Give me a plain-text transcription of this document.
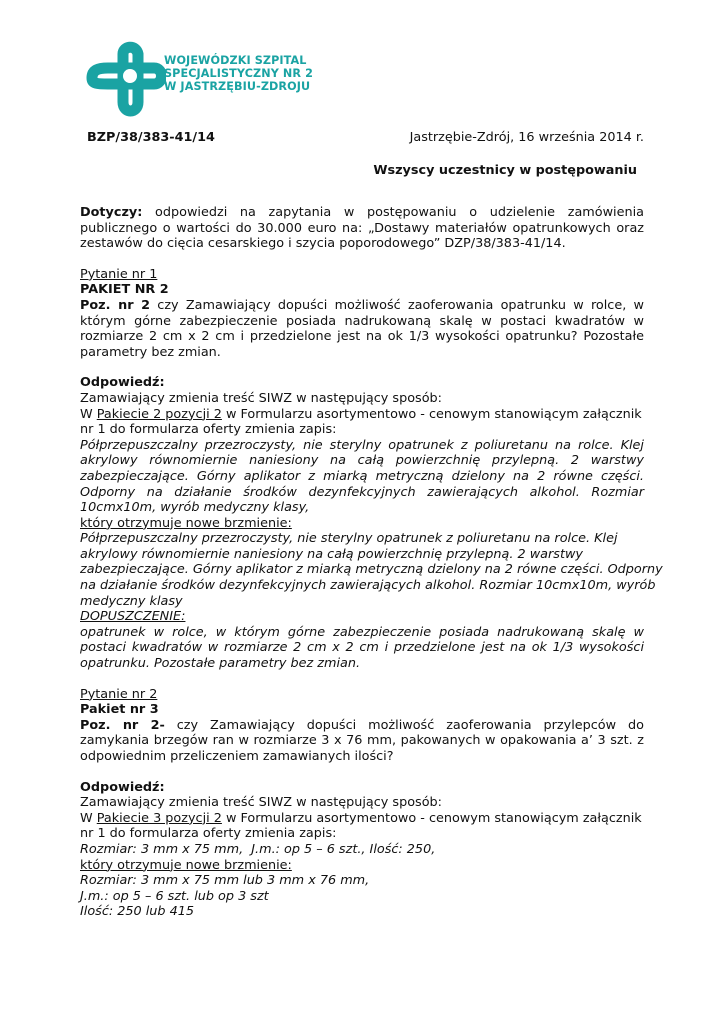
WOJEWÓDZKI SZPITAL
SPECJALISTYCZNY NR 2
W JASTRZĘBIU-ZDROJU
BZP/38/383-41/14	Jastrzębie-Zdrój, 16 września 2014 r.
Wszyscy uczestnicy w postępowaniu

Dotyczy: odpowiedzi na zapytania w postępowaniu o udzielenie zamówienia publicznego o wartości do 30.000 euro na: „Dostawy materiałów opatrunkowych oraz zestawów do cięcia cesarskiego i szycia poporodowego” DZP/38/383-41/14.

Pytanie nr 1

PAKIET NR 2

Poz. nr 2 czy Zamawiający dopuści możliwość zaoferowania opatrunku w rolce, w którym górne zabezpieczenie posiada nadrukowaną skalę w postaci kwadratów w rozmiarze 2 cm x 2 cm i przedzielone jest na ok 1/3 wysokości opatrunku? Pozostałe parametry bez zmian.

Odpowiedź:

Zamawiający zmienia treść SIWZ w następujący sposób:

W Pakiecie 2 pozycji 2 w Formularzu asortymentowo - cenowym stanowiącym załącznik nr 1 do formularza oferty zmienia zapis:

Półprzepuszczalny przezroczysty, nie sterylny opatrunek z poliuretanu na rolce. Klej akrylowy równomiernie naniesiony na całą powierzchnię przylepną. 2 warstwy zabezpieczające. Górny aplikator z miarką metryczną dzielony na 2 równe części. Odporny na działanie środków dezynfekcyjnych zawierających alkohol. Rozmiar 10cmx10m, wyrób medyczny klasy,

który otrzymuje nowe brzmienie:

Półprzepuszczalny przezroczysty, nie sterylny opatrunek z poliuretanu na rolce. Klej

akrylowy równomiernie naniesiony na całą powierzchnię przylepną. 2 warstwy

zabezpieczające. Górny aplikator z miarką metryczną dzielony na 2 równe części. Odporny

na działanie środków dezynfekcyjnych zawierających alkohol. Rozmiar 10cmx10m, wyrób

medyczny klasy

DOPUSZCZENIE:

opatrunek w rolce, w którym górne zabezpieczenie posiada nadrukowaną skalę w postaci kwadratów w rozmiarze 2 cm x 2 cm i przedzielone jest na ok 1/3 wysokości opatrunku. Pozostałe parametry bez zmian.

Pytanie nr 2

Pakiet nr 3

Poz. nr 2- czy Zamawiający dopuści możliwość zaoferowania przylepców do zamykania brzegów ran w rozmiarze 3 x 76 mm, pakowanych w opakowania a’ 3 szt. z odpowiednim przeliczeniem zamawianych ilości?

Odpowiedź:

Zamawiający zmienia treść SIWZ w następujący sposób:

W Pakiecie 3 pozycji 2 w Formularzu asortymentowo - cenowym stanowiącym załącznik nr 1 do formularza oferty zmienia zapis:

Rozmiar: 3 mm x 75 mm,  J.m.: op 5 – 6 szt., Ilość: 250,

który otrzymuje nowe brzmienie:

Rozmiar: 3 mm x 75 mm lub 3 mm x 76 mm,

J.m.: op 5 – 6 szt. lub op 3 szt

Ilość: 250 lub 415
